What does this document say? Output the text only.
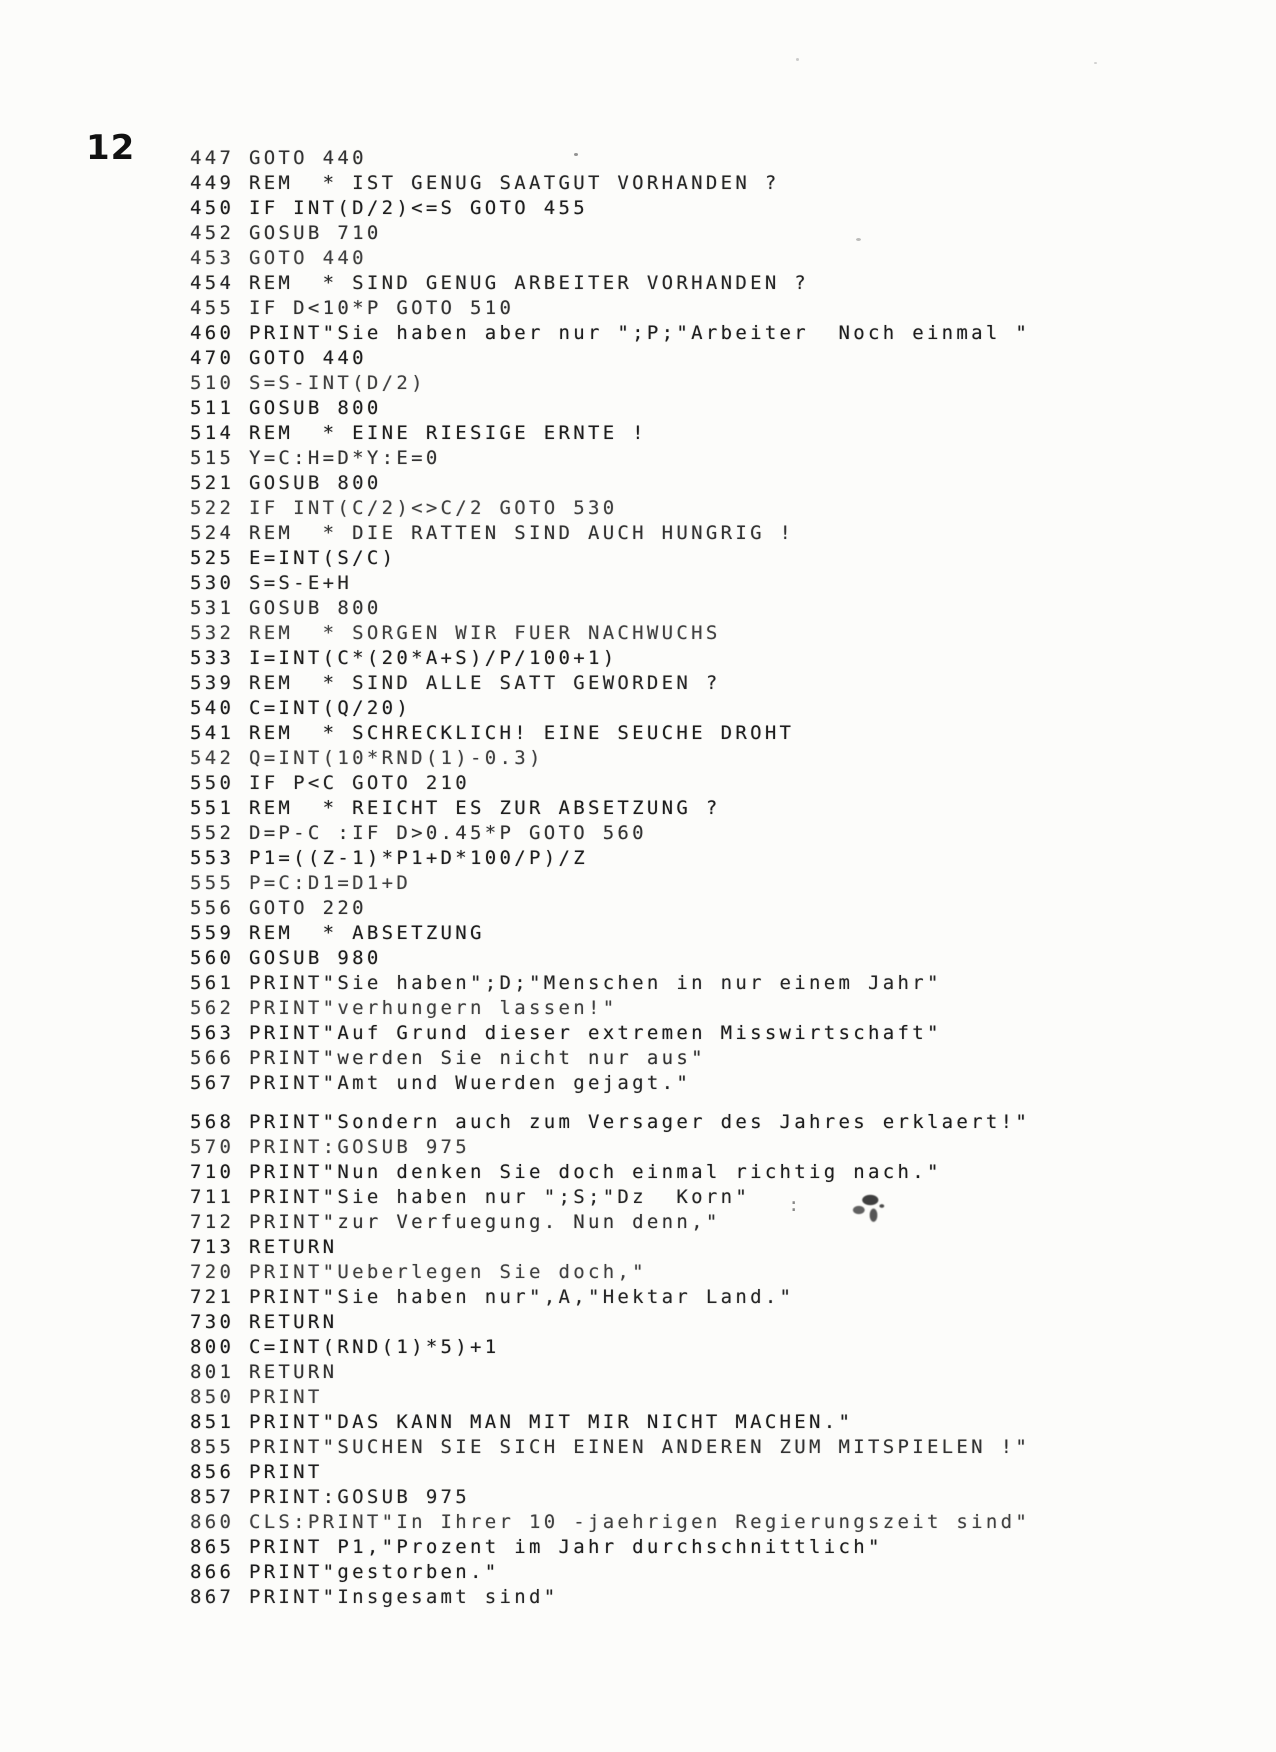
12	447 GOTO 440
449 REM  * IST GENUG SAATGUT VORHANDEN ?
450 IF INT(D/2)<=S GOTO 455
452 GOSUB 710
453 GOTO 440
454 REM  * SIND GENUG ARBEITER VORHANDEN ?
455 IF D<10*P GOTO 510
460 PRINT"Sie haben aber nur ";P;"Arbeiter  Noch einmal "
470 GOTO 440
510 S=S-INT(D/2)
511 GOSUB 800
514 REM  * EINE RIESIGE ERNTE !
515 Y=C:H=D*Y:E=0
521 GOSUB 800
522 IF INT(C/2)<>C/2 GOTO 530
524 REM  * DIE RATTEN SIND AUCH HUNGRIG !
525 E=INT(S/C)
530 S=S-E+H
531 GOSUB 800
532 REM  * SORGEN WIR FUER NACHWUCHS
533 I=INT(C*(20*A+S)/P/100+1)
539 REM  * SIND ALLE SATT GEWORDEN ?
540 C=INT(Q/20)
541 REM  * SCHRECKLICH! EINE SEUCHE DROHT
542 Q=INT(10*RND(1)-0.3)
550 IF P<C GOTO 210
551 REM  * REICHT ES ZUR ABSETZUNG ?
552 D=P-C :IF D>0.45*P GOTO 560
553 P1=((Z-1)*P1+D*100/P)/Z
555 P=C:D1=D1+D
556 GOTO 220
559 REM  * ABSETZUNG
560 GOSUB 980
561 PRINT"Sie haben";D;"Menschen in nur einem Jahr"
562 PRINT"verhungern lassen!"
563 PRINT"Auf Grund dieser extremen Misswirtschaft"
566 PRINT"werden Sie nicht nur aus"
567 PRINT"Amt und Wuerden gejagt."
568 PRINT"Sondern auch zum Versager des Jahres erklaert!"
570 PRINT:GOSUB 975
710 PRINT"Nun denken Sie doch einmal richtig nach."
711 PRINT"Sie haben nur ";S;"Dz  Korn"
712 PRINT"zur Verfuegung. Nun denn,"
713 RETURN
720 PRINT"Ueberlegen Sie doch,"
721 PRINT"Sie haben nur",A,"Hektar Land."
730 RETURN
800 C=INT(RND(1)*5)+1
801 RETURN
850 PRINT
851 PRINT"DAS KANN MAN MIT MIR NICHT MACHEN."
855 PRINT"SUCHEN SIE SICH EINEN ANDEREN ZUM MITSPIELEN !"
856 PRINT
857 PRINT:GOSUB 975
860 CLS:PRINT"In Ihrer 10 -jaehrigen Regierungszeit sind"
865 PRINT P1,"Prozent im Jahr durchschnittlich"
866 PRINT"gestorben."
867 PRINT"Insgesamt sind"
:
